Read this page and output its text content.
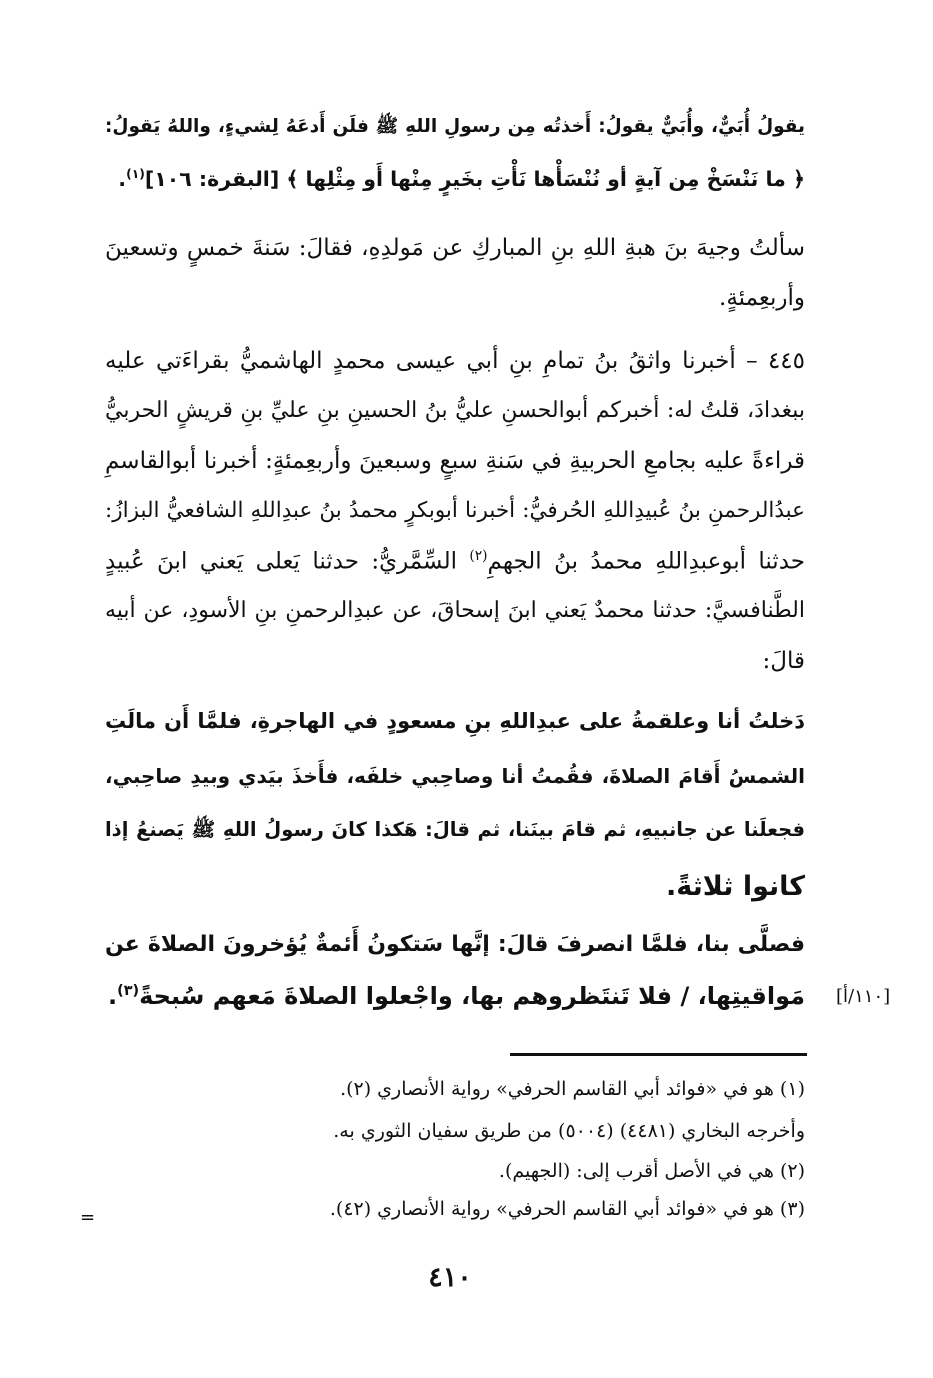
يقولُ أُبَيٌّ، وأُبَيٌّ يقولُ: أَخذتُه مِن رسولِ اللهِ ﷺ فلَن أَدعَهُ لِشيءٍ، واللهُ يَقولُ:
﴿ ما نَنْسَخْ مِن آيةٍ أو نُنْسَأْها نَأْتِ بخَيرٍ مِنْها أَو مِثْلِها ﴾ [البقرة: ١٠٦]$^{(١)}$.
سألتُ وجيهَ بنَ هبةِ اللهِ بنِ المباركِ عن مَولدِهِ، فقالَ: سَنةَ خمسٍ وتسعينَ
وأربعِمئةٍ.
٤٤٥ – أخبرنا واثقُ بنُ تمامِ بنِ أبي عيسى محمدٍ الهاشميُّ بقراءَتي عليه
ببغدادَ، قلتُ له: أخبركم أبوالحسنِ عليُّ بنُ الحسينِ بنِ عليِّ بنِ قريشٍ الحربيُّ
قراءةً عليه بجامعِ الحربيةِ في سَنةِ سبعٍ وسبعينَ وأربعِمئةٍ: أخبرنا أبوالقاسمِ
عبدُالرحمنِ بنُ عُبيدِاللهِ الحُرفيُّ: أخبرنا أبوبكرٍ محمدُ بنُ عبدِاللهِ الشافعيُّ البزازُ:
حدثنا أبوعبدِاللهِ محمدُ بنُ الجهمِ$^{(٢)}$ السِّمَّريُّ: حدثنا يَعلى يَعني ابنَ عُبيدٍ
الطَّنافسيَّ: حدثنا محمدٌ يَعني ابنَ إسحاقَ، عن عبدِالرحمنِ بنِ الأسودِ، عن أبيه
قالَ:
دَخلتُ أنا وعلقمةُ على عبدِاللهِ بنِ مسعودٍ في الهاجرةِ، فلمَّا أَن مالَتِ
الشمسُ أَقامَ الصلاةَ، فقُمتُ أنا وصاحِبي خلفَه، فأَخذَ بيَدي وبيدِ صاحِبي،
فجعلَنا عن جانبيهِ، ثم قامَ بينَنا، ثم قالَ: هَكذا كانَ رسولُ اللهِ ﷺ يَصنعُ إذا
كانوا ثلاثةً.
فصلَّى بنا، فلمَّا انصرفَ قالَ: إنَّها سَتكونُ أَئمةٌ يُؤخرونَ الصلاةَ عن
مَواقيتِها، / فلا تَنتَظروهم بها، واجْعلوا الصلاةَ مَعهم سُبحةً$^{(٣)}$.	[١١٠/أ]
(١) هو في «فوائد أبي القاسم الحرفي» رواية الأنصاري (٢).
وأخرجه البخاري (٤٤٨١) (٥٠٠٤) من طريق سفيان الثوري به.
(٢) هي في الأصل أقرب إلى: (الجهيم).
(٣) هو في «فوائد أبي القاسم الحرفي» رواية الأنصاري (٤٢).
=
٤١٠
